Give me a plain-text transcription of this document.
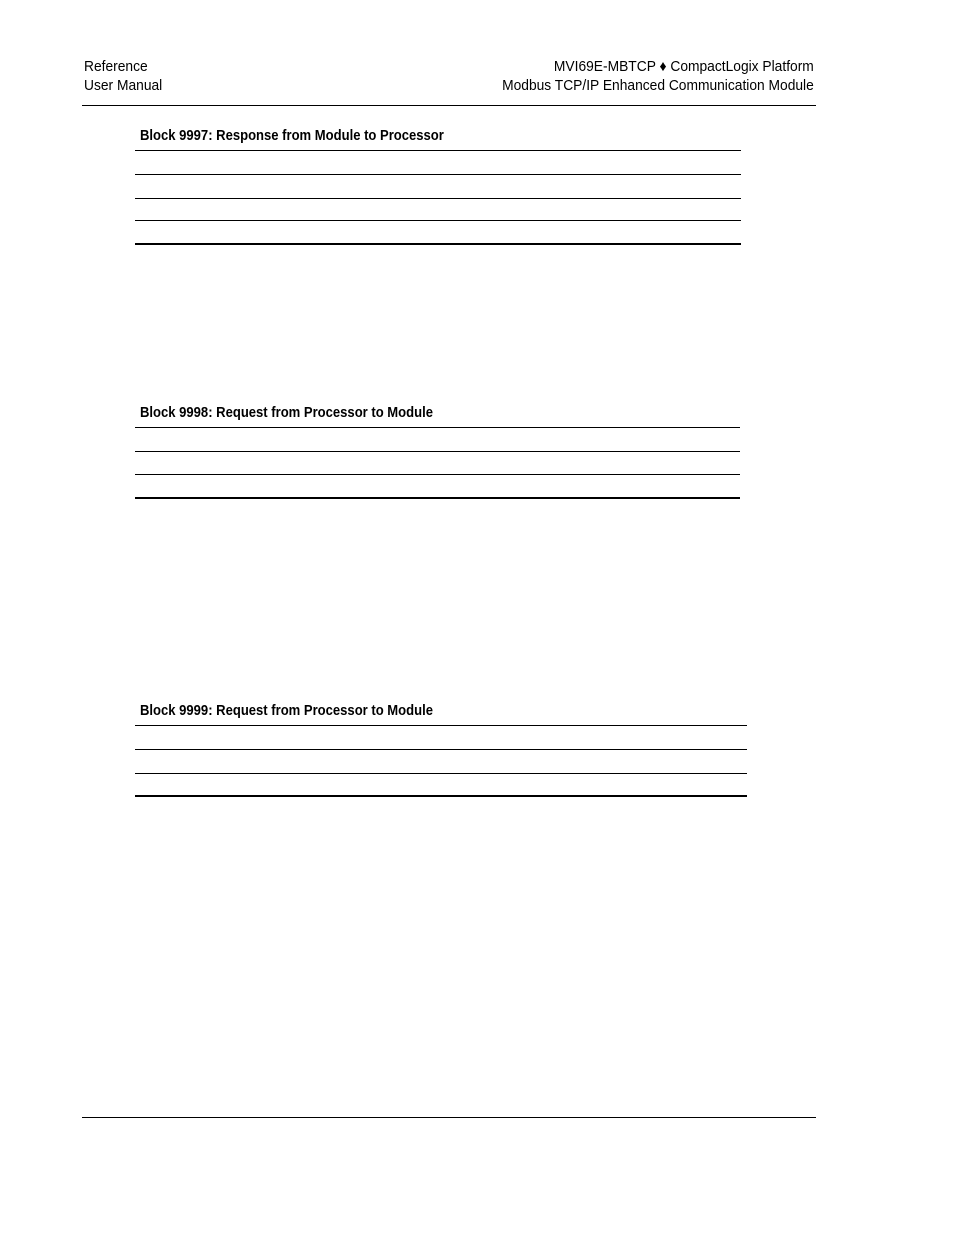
Reference
User Manual
MVI69E-MBTCP ♦ CompactLogix Platform
Modbus TCP/IP Enhanced Communication Module
Block 9997: Response from Module to Processor
Block 9998: Request from Processor to Module
Block 9999: Request from Processor to Module
